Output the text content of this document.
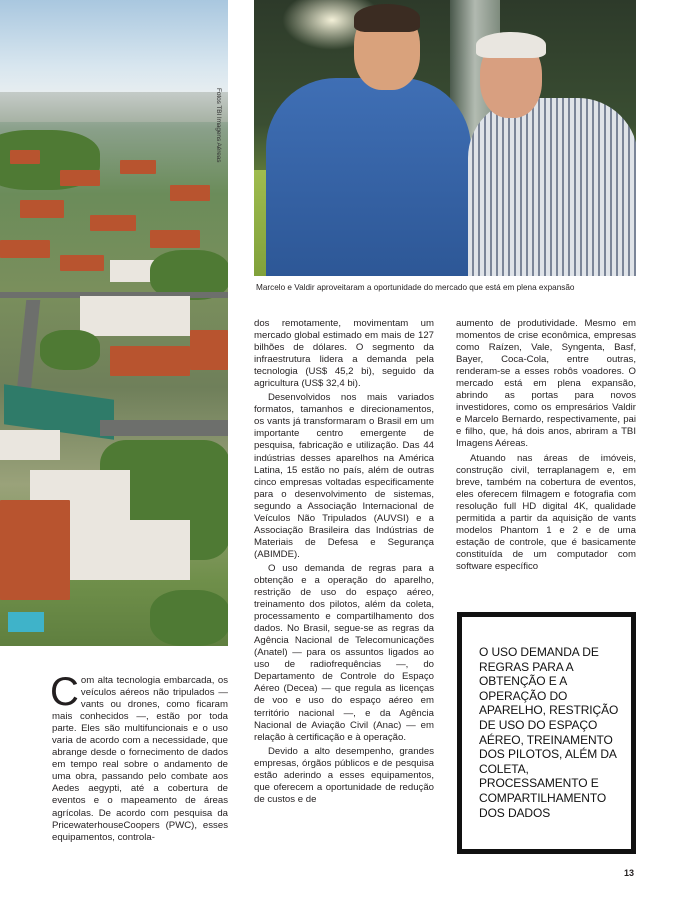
Fotos TBI Imagens Aéreas
Marcelo e Valdir aproveitaram a oportunidade do mercado que está em plena expansão

Com alta tecnologia embarcada, os veículos aéreos não tripulados — vants ou drones, como ficaram mais conhecidos —, estão por toda parte. Eles são multifuncionais e o uso varia de acordo com a necessidade, que abrange desde o fornecimento de dados em tempo real sobre o andamento de uma obra, passando pelo combate aos Aedes aegypti, até a cobertura de eventos e o mapeamento de áreas agrícolas. De acordo com pesquisa da PricewaterhouseCoopers (PWC), esses equipamentos, controla-

dos remotamente, movimentam um mercado global estimado em mais de 127 bilhões de dólares. O segmento da infraestrutura lidera a demanda pela tecnologia (US$ 45,2 bi), seguido da agricultura (US$ 32,4 bi).

Desenvolvidos nos mais variados formatos, tamanhos e direcionamentos, os vants já transformaram o Brasil em um importante centro emergente de pesquisa, fabricação e utilização. Das 44 indústrias desses aparelhos na América Latina, 15 estão no país, além de outras cinco empresas voltadas especificamente para o desenvolvimento de sistemas, segundo a Associação Internacional de Veículos Não Tripulados (AUVSI) e a Associação Brasileira das Indústrias de Materiais de Defesa e Segurança (ABIMDE).

O uso demanda de regras para a obtenção e a operação do aparelho, restrição de uso do espaço aéreo, treinamento dos pilotos, além da coleta, processamento e compartilhamento dos dados. No Brasil, segue-se as regras da Agência Nacional de Telecomunicações (Anatel) — para os assuntos ligados ao uso de radiofrequências —, do Departamento de Controle do Espaço Aéreo (Decea) — que regula as licenças de voo e uso do espaço aéreo em território nacional —, e da Agência Nacional de Aviação Civil (Anac) — em relação à certificação e à operação.

Devido a alto desempenho, grandes empresas, órgãos públicos e de pesquisa estão aderindo a esses equipamentos, que oferecem a oportunidade de redução de custos e de

aumento de produtividade. Mesmo em momentos de crise econômica, empresas como Raízen, Vale, Syngenta, Basf, Bayer, Coca-Cola, entre outras, renderam-se a esses robôs voadores. O mercado está em plena expansão, abrindo as portas para novos investidores, como os empresários Valdir e Marcelo Bernardo, respectivamente, pai e filho, que, há dois anos, abriram a TBI Imagens Aéreas.

Atuando nas áreas de imóveis, construção civil, terraplanagem e, em breve, também na cobertura de eventos, eles oferecem filmagem e fotografia com resolução full HD digital 4K, qualidade permitida a partir da aquisição de vants modelos Phantom 1 e 2 e de uma estação de controle, que é basicamente constituída de um computador com software específico

O USO DEMANDA DE REGRAS PARA A OBTENÇÃO E A OPERAÇÃO DO APARELHO, RESTRIÇÃO DE USO DO ESPAÇO AÉREO, TREINAMENTO DOS PILOTOS, ALÉM DA COLETA, PROCESSAMENTO E COMPARTILHAMENTO DOS DADOS

13
